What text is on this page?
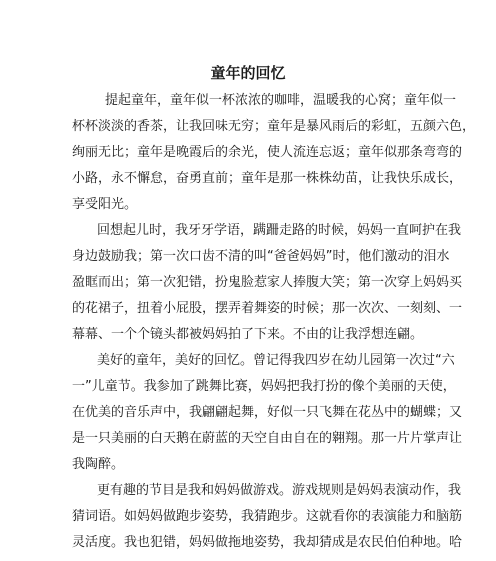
童年的回忆
提起童年，童年似一杯浓浓的咖啡，温暖我的心窝；童年似一
杯杯淡淡的香茶，让我回味无穷；童年是暴风雨后的彩虹，五颜六色，
绚丽无比；童年是晚霞后的余光，使人流连忘返；童年似那条弯弯的
小路，永不懈怠，奋勇直前；童年是那一株株幼苗，让我快乐成长，
享受阳光。
回想起儿时，我牙牙学语，蹒跚走路的时候，妈妈一直呵护在我
身边鼓励我；第一次口齿不清的叫“爸爸妈妈”时，他们激动的泪水
盈眶而出；第一次犯错，扮鬼脸惹家人捧腹大笑；第一次穿上妈妈买
的花裙子，扭着小屁股，摆弄着舞姿的时候；那一次次、一刻刻、一
幕幕、一个个镜头都被妈妈拍了下来。不由的让我浮想连翩。
美好的童年，美好的回忆。曾记得我四岁在幼儿园第一次过“六
一”儿童节。我参加了跳舞比赛，妈妈把我打扮的像个美丽的天使，
在优美的音乐声中，我翩翩起舞，好似一只飞舞在花丛中的蝴蝶；又
是一只美丽的白天鹅在蔚蓝的天空自由自在的翱翔。那一片片掌声让
我陶醉。
更有趣的节目是我和妈妈做游戏。游戏规则是妈妈表演动作，我
猜词语。如妈妈做跑步姿势，我猜跑步。这就看你的表演能力和脑筋
灵活度。我也犯错，妈妈做拖地姿势，我却猜成是农民伯伯种地。哈
